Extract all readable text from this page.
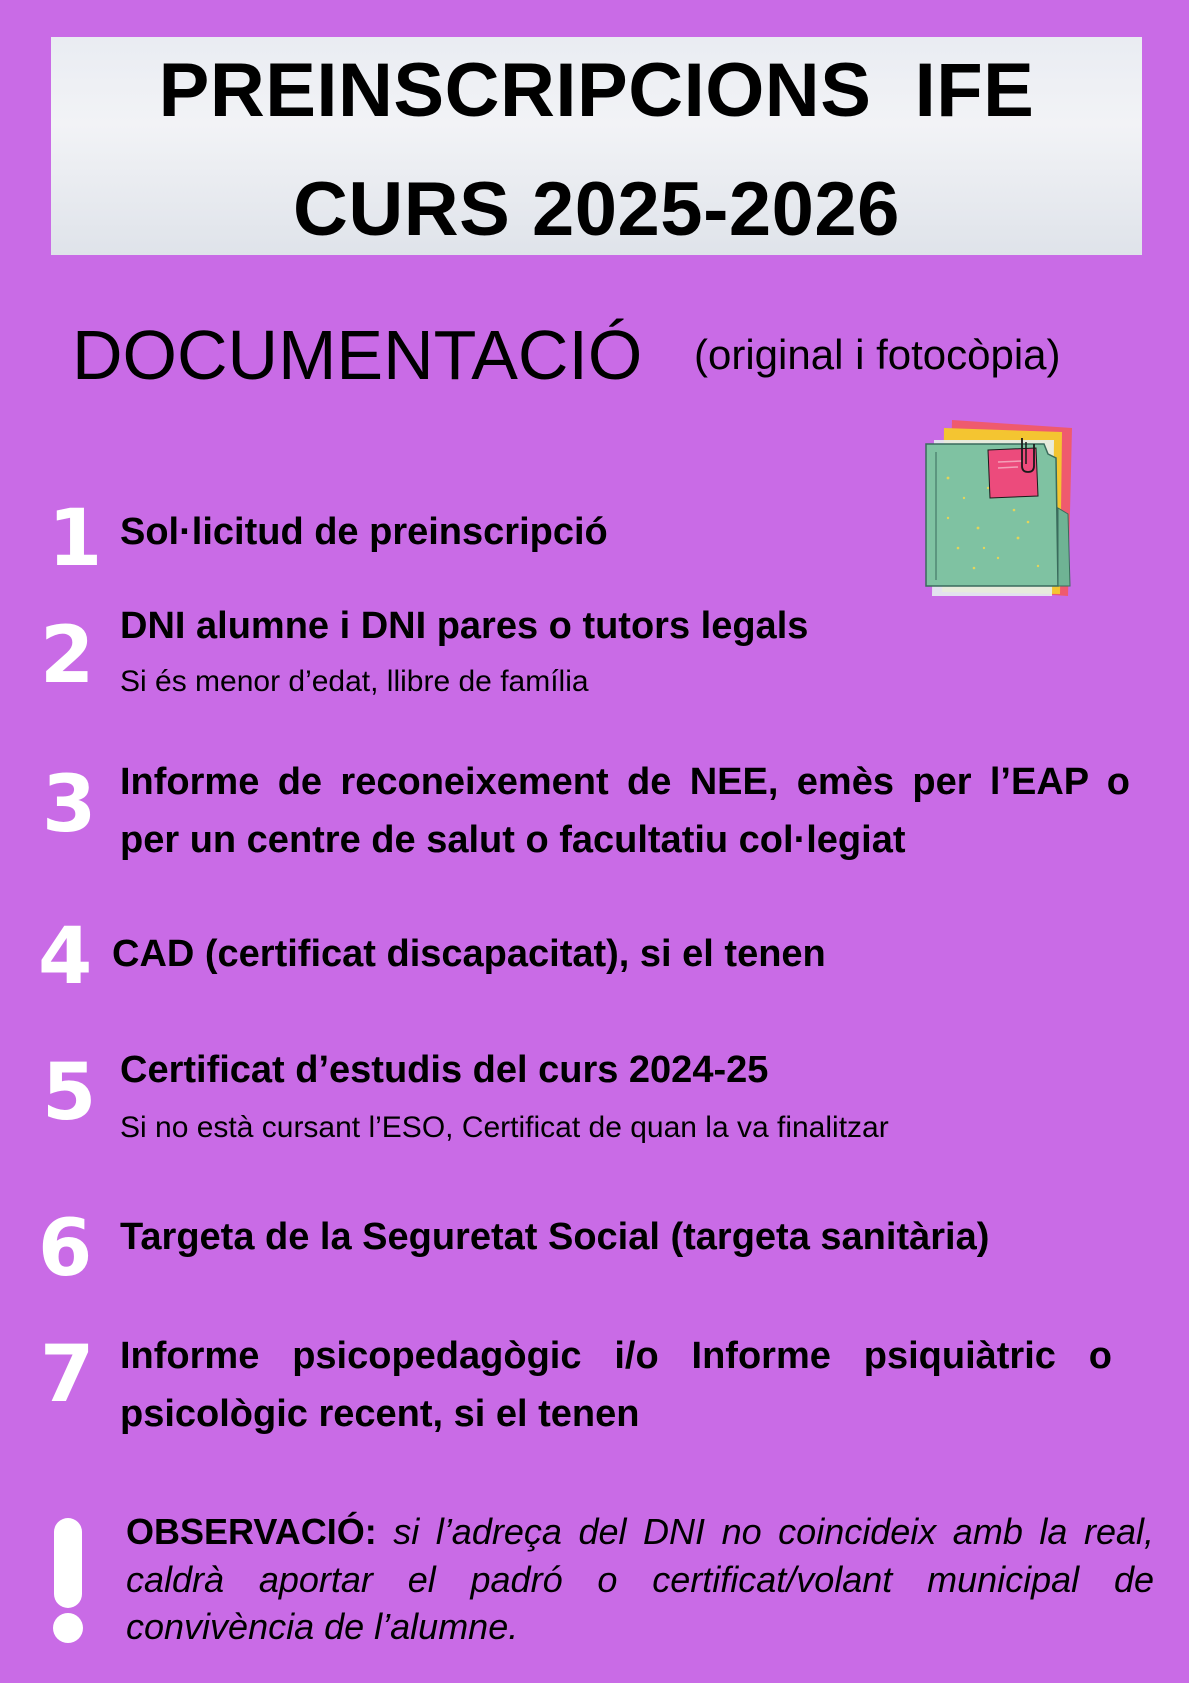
PREINSCRIPCIONS  IFE
CURS 2025-2026
DOCUMENTACIÓ (original i fotocòpia)
1 Sol·licitud de preinscripció
2 DNI alumne i DNI pares o tutors legals
Si és menor d’edat, llibre de família
3 Informe de reconeixement de NEE, emès per l’EAP o per un centre de salut o facultatiu col·legiat
4 CAD (certificat discapacitat), si el tenen
5 Certificat d’estudis del curs 2024-25
Si no està cursant l’ESO, Certificat de quan la va finalitzar
6 Targeta de la Seguretat Social (targeta sanitària)
7 Informe psicopedagògic i/o Informe psiquiàtric o psicològic recent, si el tenen
OBSERVACIÓ: si l’adreça del DNI no coincideix amb la real, caldrà aportar el padró o certificat/volant municipal de convivència de l’alumne.
